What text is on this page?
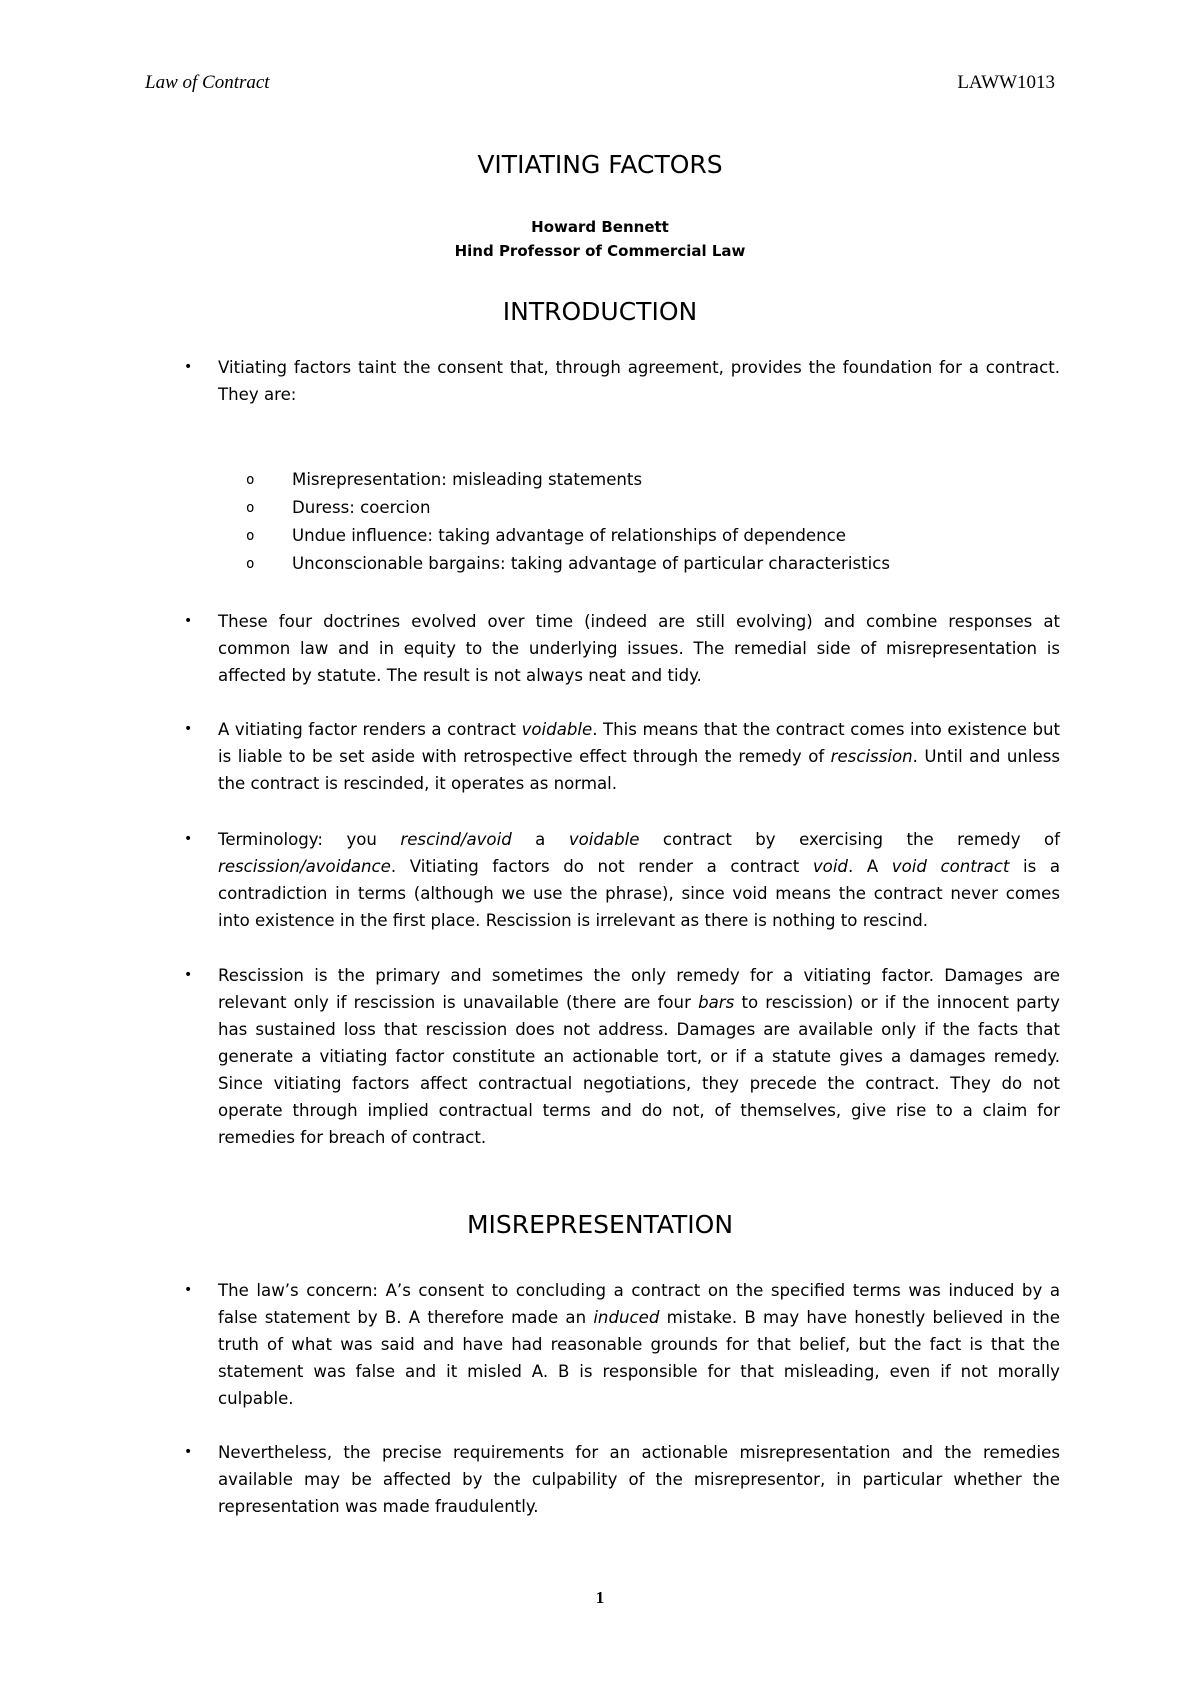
Law of Contract	LAWW1013
VITIATING FACTORS
Howard Bennett
Hind Professor of Commercial Law
INTRODUCTION
• Vitiating factors taint the consent that, through agreement, provides the foundation for a contract. They are:
o Misrepresentation: misleading statements
o Duress: coercion
o Undue influence: taking advantage of relationships of dependence
o Unconscionable bargains: taking advantage of particular characteristics
• These four doctrines evolved over time (indeed are still evolving) and combine responses at common law and in equity to the underlying issues. The remedial side of misrepresentation is affected by statute. The result is not always neat and tidy.
• A vitiating factor renders a contract voidable. This means that the contract comes into existence but is liable to be set aside with retrospective effect through the remedy of rescission. Until and unless the contract is rescinded, it operates as normal.
• Terminology: you rescind/avoid a voidable contract by exercising the remedy of rescission/avoidance. Vitiating factors do not render a contract void. A void contract is a contradiction in terms (although we use the phrase), since void means the contract never comes into existence in the first place. Rescission is irrelevant as there is nothing to rescind.
• Rescission is the primary and sometimes the only remedy for a vitiating factor. Damages are relevant only if rescission is unavailable (there are four bars to rescission) or if the innocent party has sustained loss that rescission does not address. Damages are available only if the facts that generate a vitiating factor constitute an actionable tort, or if a statute gives a damages remedy. Since vitiating factors affect contractual negotiations, they precede the contract. They do not operate through implied contractual terms and do not, of themselves, give rise to a claim for remedies for breach of contract.
MISREPRESENTATION
• The law’s concern: A’s consent to concluding a contract on the specified terms was induced by a false statement by B. A therefore made an induced mistake. B may have honestly believed in the truth of what was said and have had reasonable grounds for that belief, but the fact is that the statement was false and it misled A. B is responsible for that misleading, even if not morally culpable.
• Nevertheless, the precise requirements for an actionable misrepresentation and the remedies available may be affected by the culpability of the misrepresentor, in particular whether the representation was made fraudulently.
1
